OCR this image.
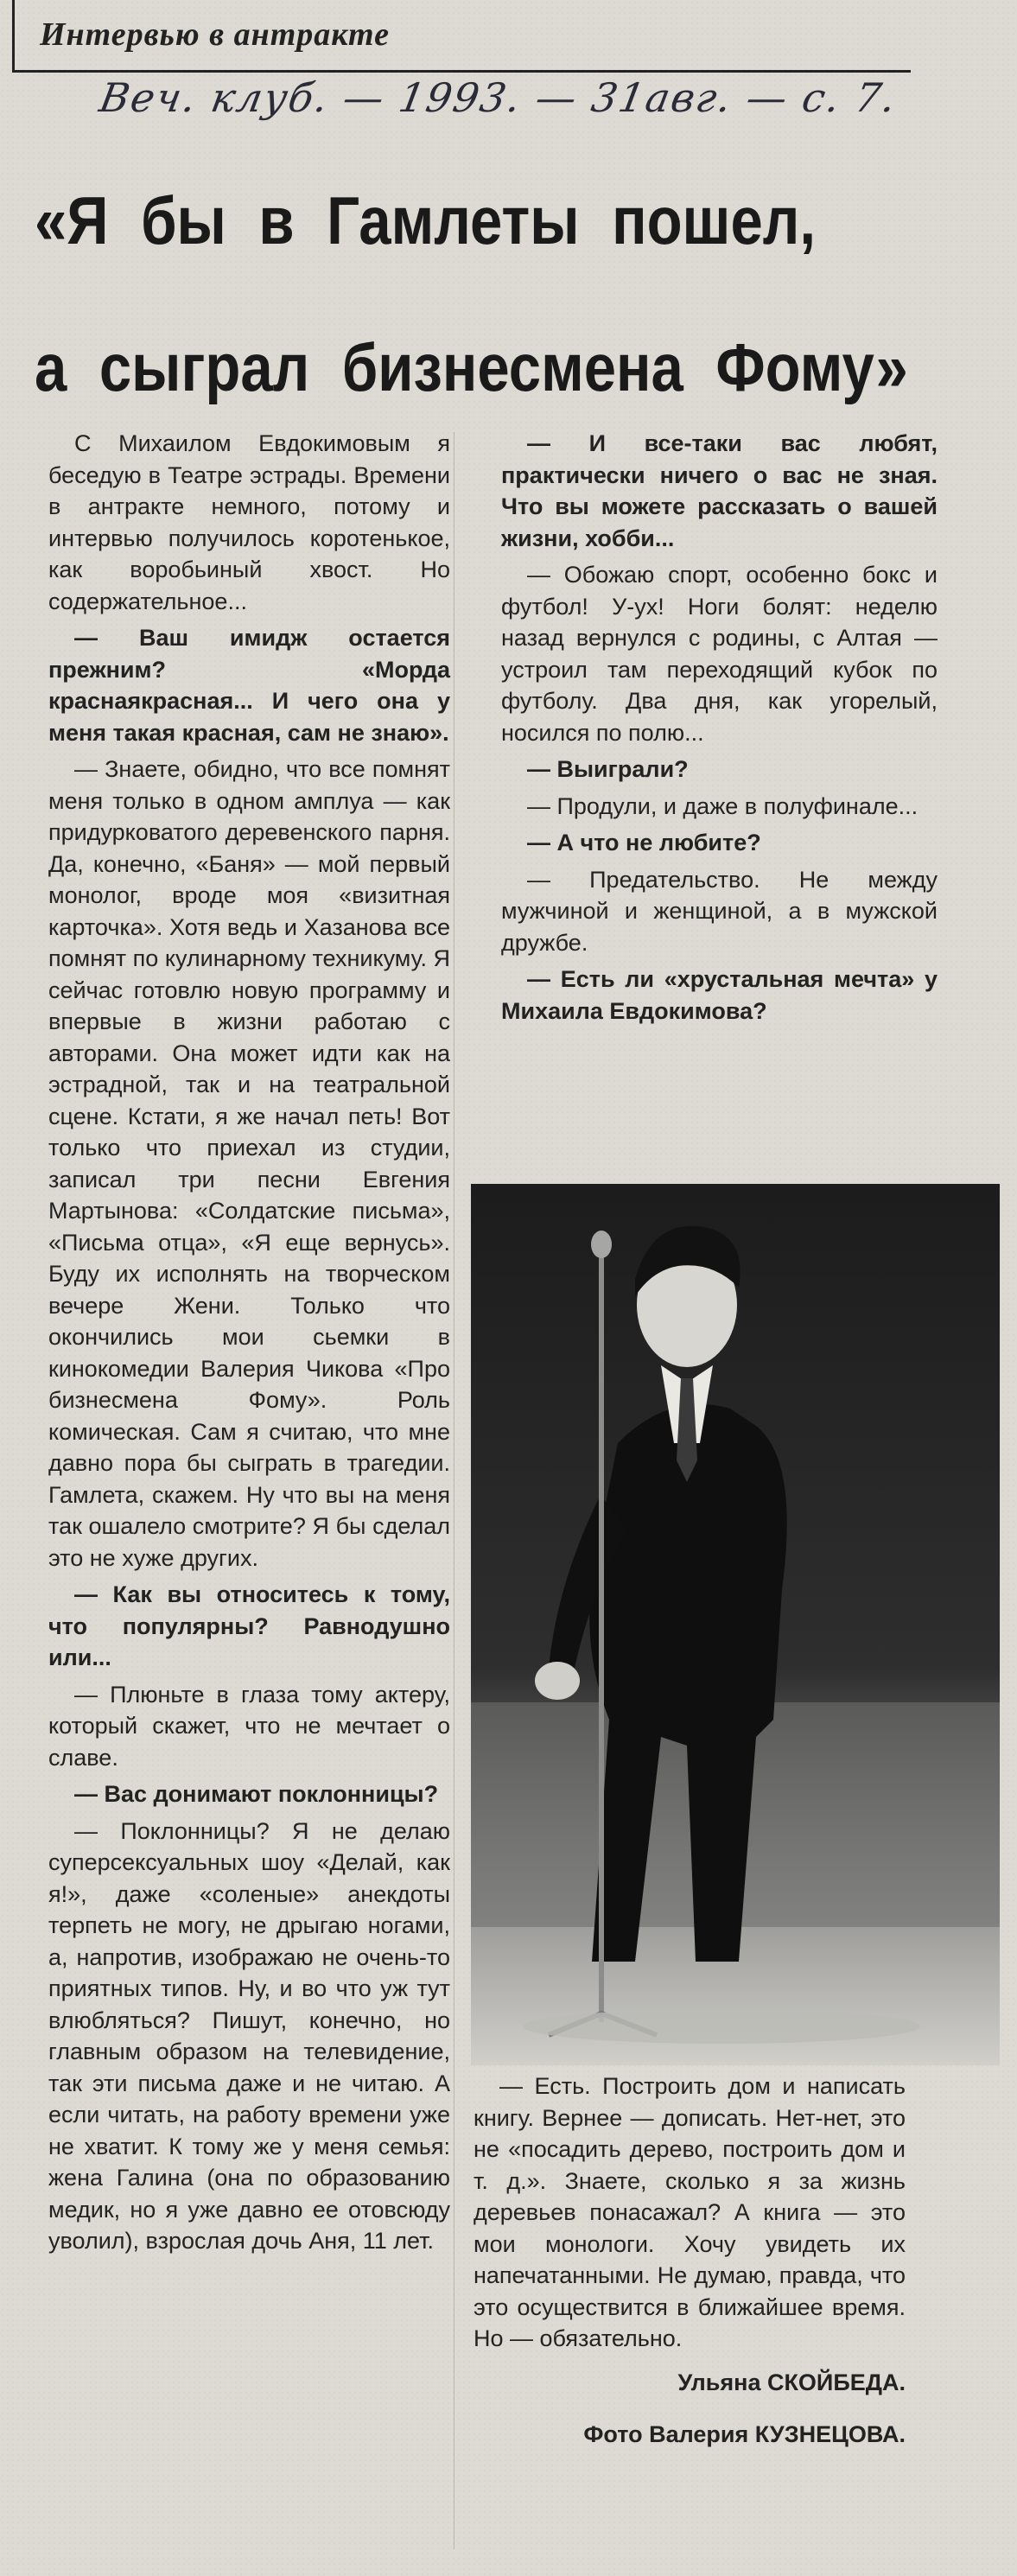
Интервью в антракте
Веч. клуб. — 1993. — 31авг. — с. 7.
«Я бы в Гамлеты пошел,
а сыграл бизнесмена Фому»

С Михаилом Евдокимовым я беседую в Театре эстрады. Времени в антракте немного, потому и интервью получилось коротенькое, как воробьиный хвост. Но содержательное...

— Ваш имидж остается прежним? «Морда краснаякрасная... И чего она у меня такая красная, сам не знаю».

— Знаете, обидно, что все помнят меня только в одном амплуа — как придурковатого деревенского парня. Да, конечно, «Баня» — мой первый монолог, вроде моя «визитная карточка». Хотя ведь и Хазанова все помнят по кулинарному техникуму. Я сейчас готовлю новую программу и впервые в жизни работаю с авторами. Она может идти как на эстрадной, так и на театральной сцене. Кстати, я же начал петь! Вот только что приехал из студии, записал три песни Евгения Мартынова: «Солдатские письма», «Письма отца», «Я еще вернусь». Буду их исполнять на творческом вечере Жени. Только что окончились мои сьемки в кинокомедии Валерия Чикова «Про бизнесмена Фому». Роль комическая. Сам я считаю, что мне давно пора бы сыграть в трагедии. Гамлета, скажем. Ну что вы на меня так ошалело смотрите? Я бы сделал это не хуже других.

— Как вы относитесь к тому, что популярны? Равнодушно или...

— Плюньте в глаза тому актеру, который скажет, что не мечтает о славе.

— Вас донимают поклонницы?

— Поклонницы? Я не делаю суперсексуальных шоу «Делай, как я!», даже «соленые» анекдоты терпеть не могу, не дрыгаю ногами, а, напротив, изображаю не очень-то приятных типов. Ну, и во что уж тут влюбляться? Пишут, конечно, но главным образом на телевидение, так эти письма даже и не читаю. А если читать, на работу времени уже не хватит. К тому же у меня семья: жена Галина (она по образованию медик, но я уже давно ее отовсюду уволил), взрослая дочь Аня, 11 лет.

— И все-таки вас любят, практически ничего о вас не зная. Что вы можете рассказать о вашей жизни, хобби...

— Обожаю спорт, особенно бокс и футбол! У-ух! Ноги болят: неделю назад вернулся с родины, с Алтая — устроил там переходящий кубок по футболу. Два дня, как угорелый, носился по полю...

— Выиграли?

— Продули, и даже в полуфинале...

— А что не любите?

— Предательство. Не между мужчиной и женщиной, а в мужской дружбе.

— Есть ли «хрустальная мечта» у Михаила Евдокимова?

— Есть. Построить дом и написать книгу. Вернее — дописать. Нет-нет, это не «посадить дерево, построить дом и т. д.». Знаете, сколько я за жизнь деревьев понасажал? А книга — это мои монологи. Хочу увидеть их напечатанными. Не думаю, правда, что это осуществится в ближайшее время. Но — обязательно.

Ульяна СКОЙБЕДА.

Фото Валерия КУЗНЕЦОВА.
